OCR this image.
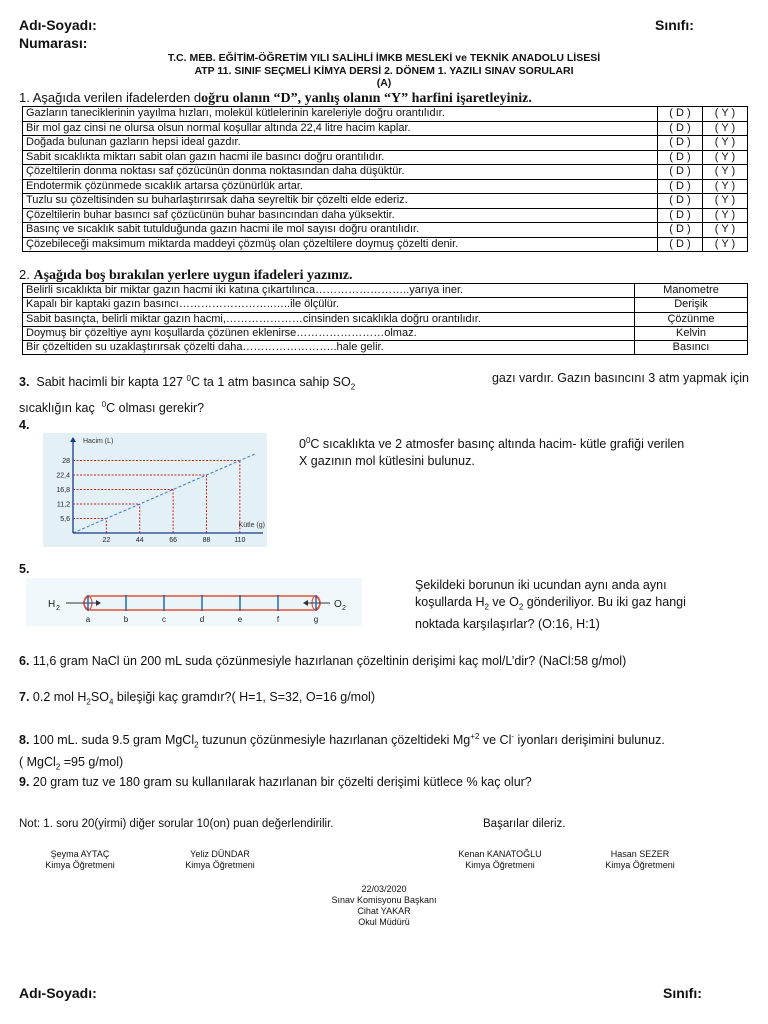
Adı-Soyadı:	Sınıfı:
Numarası:
T.C. MEB. EĞİTİM-ÖĞRETİM YILI SALİHLİ İMKB MESLEKİ ve TEKNİK ANADOLU LİSESİ
ATP 11. SINIF SEÇMELİ KİMYA DERSİ 2. DÖNEM 1. YAZILI SINAV SORULARI
(A)
1. Aşağıda verilen ifadelerden doğru olanın “D”, yanlış olanın “Y” harfini işaretleyiniz.
Gazların taneciklerinin yayılma hızları, molekül kütlelerinin kareleriyle doğru orantılıdır.	( D )	( Y )
Bir mol gaz cinsi ne olursa olsun normal koşullar altında 22,4 litre hacim kaplar.	( D )	( Y )
Doğada bulunan gazların hepsi ideal gazdır.	( D )	( Y )
Sabit sıcaklıkta miktarı sabit olan gazın hacmi ile basıncı doğru orantılıdır.	( D )	( Y )
Çözeltilerin donma noktası saf çözücünün donma noktasından daha düşüktür.	( D )	( Y )
Endotermik çözünmede sıcaklık artarsa çözünürlük artar.	( D )	( Y )
Tuzlu su çözeltisinden su buharlaştırırsak daha seyreltik bir çözelti elde ederiz.	( D )	( Y )
Çözeltilerin buhar basıncı saf çözücünün buhar basıncından daha yüksektir.	( D )	( Y )
Basınç ve sıcaklık sabit tutulduğunda gazın hacmi ile mol sayısı doğru orantılıdır.	( D )	( Y )
Çözebileceği maksimum miktarda maddeyi çözmüş olan çözeltilere doymuş çözelti denir.	( D )	( Y )
2. Aşağıda boş bırakılan yerlere uygun ifadeleri yazınız.
Belirli sıcaklıkta bir miktar gazın hacmi iki katına çıkartılınca……………………..yarıya iner.	Manometre
Kapalı bir kaptaki gazın basıncı……………………..…..ile ölçülür.	Derişik
Sabit basınçta, belirli miktar gazın hacmi,…………………cinsinden sıcaklıkla doğru orantılıdır.	Çözünme
Doymuş bir çözeltiye aynı koşullarda çözünen eklenirse……………………olmaz.	Kelvin
Bir çözeltiden su uzaklaştırırsak çözelti daha……………………..hale gelir.	Basıncı
3. Sabit hacimli bir kapta 127 $^0$C ta 1 atm basınca sahip $SO_2$
gazı vardır. Gazın basıncını 3 atm yapmak için
sıcaklığın kaç $^0$C olması gerekir?
4.
22	44	66	88	110
5,6
11,2
16,8
22,4
28
Hacim (L)
Kütle (g)
$0^0C$ sıcaklıkta ve 2 atmosfer basınç altında hacim- kütle grafiği verilen
X gazının mol kütlesini bulunuz.
5.
H 2	O 2
a	b	c	d	e	f	g
Şekildeki borunun iki ucundan aynı anda aynı
koşullarda $H_2$ ve $O_2$ gönderiliyor. Bu iki gaz hangi
noktada karşılaşırlar? (O:16, H:1)
6. 11,6 gram NaCl ün 200 mL suda çözünmesiyle hazırlanan çözeltinin derişimi kaç mol/L’dir? (NaCl:58 g/mol)
7. 0.2 mol $H_2SO_4$ bileşiği kaç gramdır?( H=1, S=32, O=16 g/mol)
8. 100 mL. suda 9.5 gram MgCl$_2$ tuzunun çözünmesiyle hazırlanan çözeltideki $Mg^{+2}$ ve Cl- iyonları derişimini bulunuz.
( MgCl$_2$ =95 g/mol)
9. 20 gram tuz ve 180 gram su kullanılarak hazırlanan bir çözelti derişimi kütlece % kaç olur?
Not: 1. soru 20(yirmi) diğer sorular 10(on) puan değerlendirilir.	Başarılar dileriz.
Şeyma AYTAÇ
Kimya Öğretmeni
Yeliz DÜNDAR
Kimya Öğretmeni
Kenan KANATOĞLU
Kimya Öğretmeni
Hasan SEZER
Kimya Öğretmeni
22/03/2020
Sınav Komisyonu Başkanı
Cihat YAKAR
Okul Müdürü
Adı-Soyadı:	Sınıfı:
